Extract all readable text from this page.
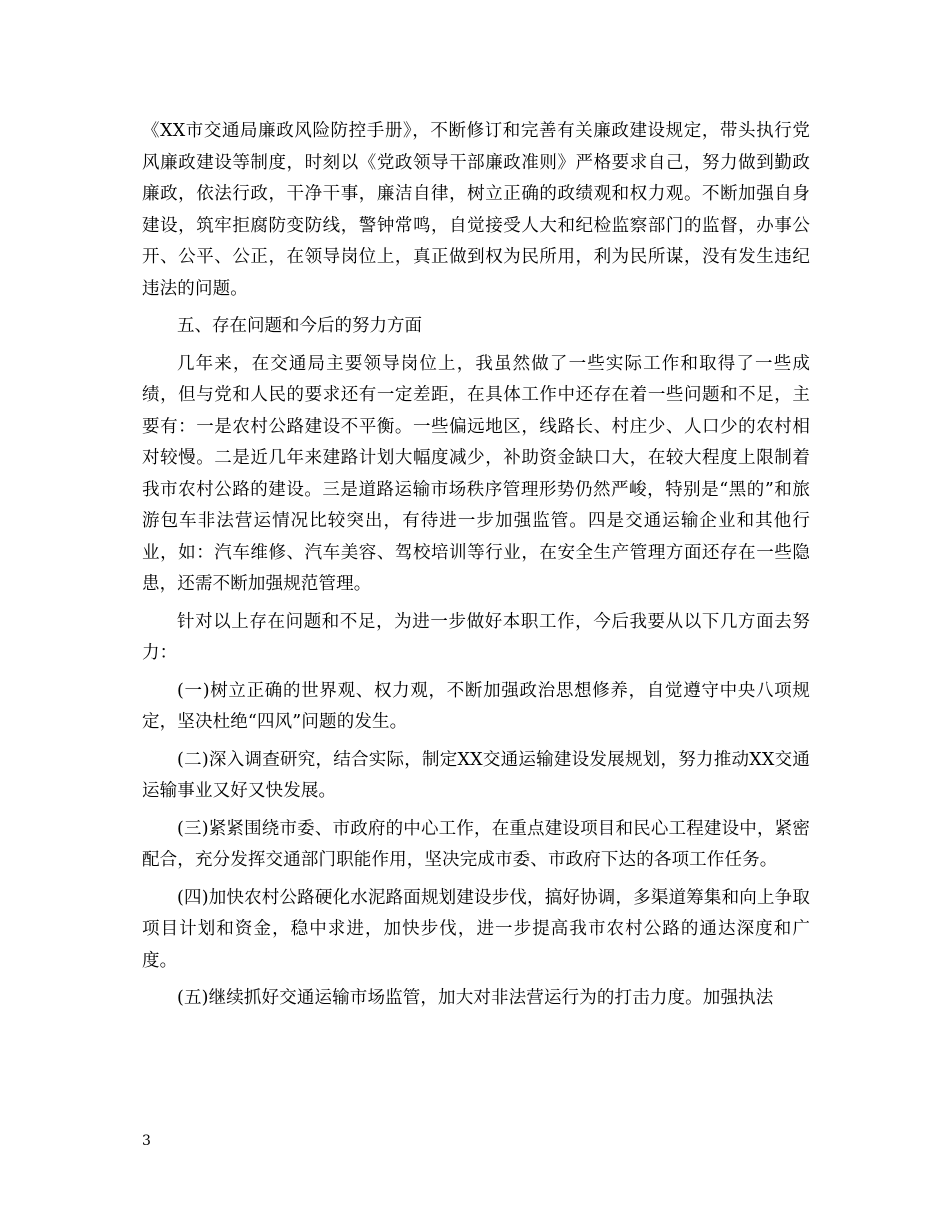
《XX市交通局廉政风险防控手册》，不断修订和完善有关廉政建设规定，带头执行党风廉政建设等制度，时刻以《党政领导干部廉政准则》严格要求自己，努力做到勤政廉政，依法行政，干净干事，廉洁自律，树立正确的政绩观和权力观。不断加强自身建设，筑牢拒腐防变防线，警钟常鸣，自觉接受人大和纪检监察部门的监督，办事公开、公平、公正，在领导岗位上，真正做到权为民所用，利为民所谋，没有发生违纪违法的问题。

五、存在问题和今后的努力方面

几年来，在交通局主要领导岗位上，我虽然做了一些实际工作和取得了一些成绩，但与党和人民的要求还有一定差距，在具体工作中还存在着一些问题和不足，主要有：一是农村公路建设不平衡。一些偏远地区，线路长、村庄少、人口少的农村相对较慢。二是近几年来建路计划大幅度减少，补助资金缺口大，在较大程度上限制着我市农村公路的建设。三是道路运输市场秩序管理形势仍然严峻，特别是“黑的”和旅游包车非法营运情况比较突出，有待进一步加强监管。四是交通运输企业和其他行业，如：汽车维修、汽车美容、驾校培训等行业，在安全生产管理方面还存在一些隐患，还需不断加强规范管理。

针对以上存在问题和不足，为进一步做好本职工作，今后我要从以下几方面去努力：

(一)树立正确的世界观、权力观，不断加强政治思想修养，自觉遵守中央八项规定，坚决杜绝“四风”问题的发生。

(二)深入调查研究，结合实际，制定XX交通运输建设发展规划，努力推动XX交通运输事业又好又快发展。

(三)紧紧围绕市委、市政府的中心工作，在重点建设项目和民心工程建设中，紧密配合，充分发挥交通部门职能作用，坚决完成市委、市政府下达的各项工作任务。

(四)加快农村公路硬化水泥路面规划建设步伐，搞好协调，多渠道筹集和向上争取项目计划和资金，稳中求进，加快步伐，进一步提高我市农村公路的通达深度和广度。

(五)继续抓好交通运输市场监管，加大对非法营运行为的打击力度。加强执法

3
